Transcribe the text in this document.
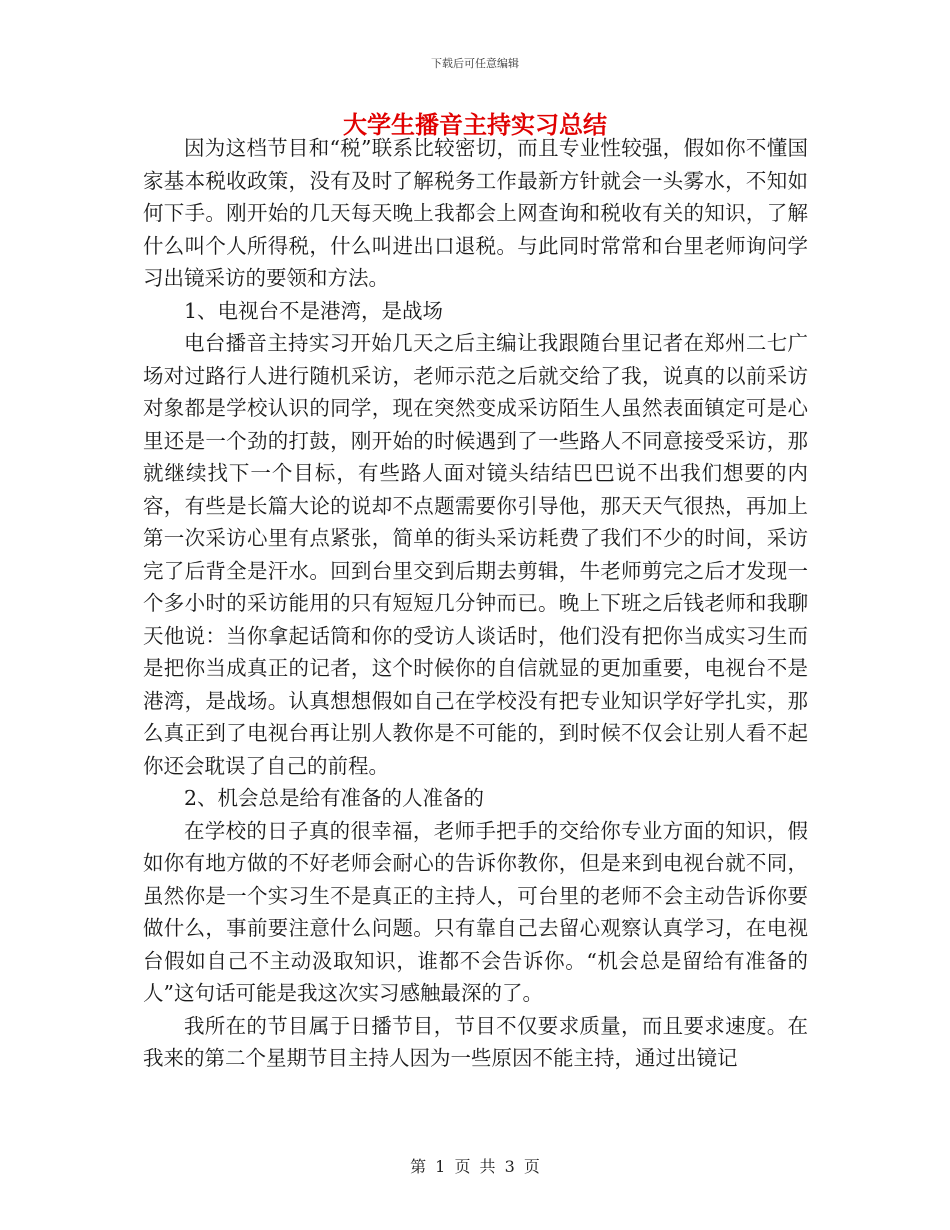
下载后可任意编辑
大学生播音主持实习总结

因为这档节目和“税”联系比较密切，而且专业性较强，假如你不懂国家基本税收政策，没有及时了解税务工作最新方针就会一头雾水，不知如何下手。刚开始的几天每天晚上我都会上网查询和税收有关的知识，了解什么叫个人所得税，什么叫进出口退税。与此同时常常和台里老师询问学习出镜采访的要领和方法。

1、电视台不是港湾，是战场

电台播音主持实习开始几天之后主编让我跟随台里记者在郑州二七广场对过路行人进行随机采访，老师示范之后就交给了我，说真的以前采访对象都是学校认识的同学，现在突然变成采访陌生人虽然表面镇定可是心里还是一个劲的打鼓，刚开始的时候遇到了一些路人不同意接受采访，那就继续找下一个目标，有些路人面对镜头结结巴巴说不出我们想要的内容，有些是长篇大论的说却不点题需要你引导他，那天天气很热，再加上第一次采访心里有点紧张，简单的街头采访耗费了我们不少的时间，采访完了后背全是汗水。回到台里交到后期去剪辑，牛老师剪完之后才发现一个多小时的采访能用的只有短短几分钟而已。晚上下班之后钱老师和我聊天他说：当你拿起话筒和你的受访人谈话时，他们没有把你当成实习生而是把你当成真正的记者，这个时候你的自信就显的更加重要，电视台不是港湾，是战场。认真想想假如自己在学校没有把专业知识学好学扎实，那么真正到了电视台再让别人教你是不可能的，到时候不仅会让别人看不起你还会耽误了自己的前程。

2、机会总是给有准备的人准备的

在学校的日子真的很幸福，老师手把手的交给你专业方面的知识，假如你有地方做的不好老师会耐心的告诉你教你，但是来到电视台就不同，虽然你是一个实习生不是真正的主持人，可台里的老师不会主动告诉你要做什么，事前要注意什么问题。只有靠自己去留心观察认真学习，在电视台假如自己不主动汲取知识，谁都不会告诉你。“机会总是留给有准备的人”这句话可能是我这次实习感触最深的了。

我所在的节目属于日播节目，节目不仅要求质量，而且要求速度。在我来的第二个星期节目主持人因为一些原因不能主持，通过出镜记

第 1 页 共 3 页
